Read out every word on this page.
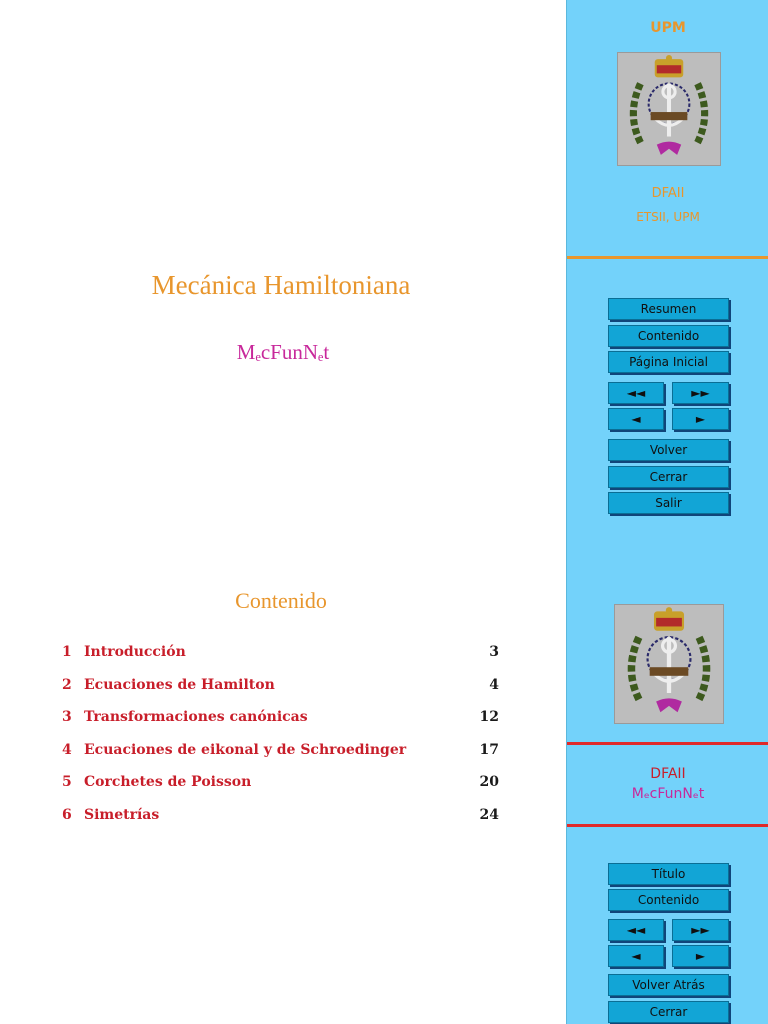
Mecánica Hamiltoniana
MₑcFunNₑt
Contenido
1 Introducción	3
2 Ecuaciones de Hamilton	4
3 Transformaciones canónicas	12
4 Ecuaciones de eikonal y de Schroedinger	17
5 Corchetes de Poisson	20
6 Simetrías	24
UPM
DFAII
ETSII, UPM
Resumen
Contenido
Página Inicial
◄◄	►►
◄	►
Volver
Cerrar
Salir
DFAII
MₑcFunNₑt
Título
Contenido
◄◄	►►
◄	►
Volver Atrás
Cerrar
